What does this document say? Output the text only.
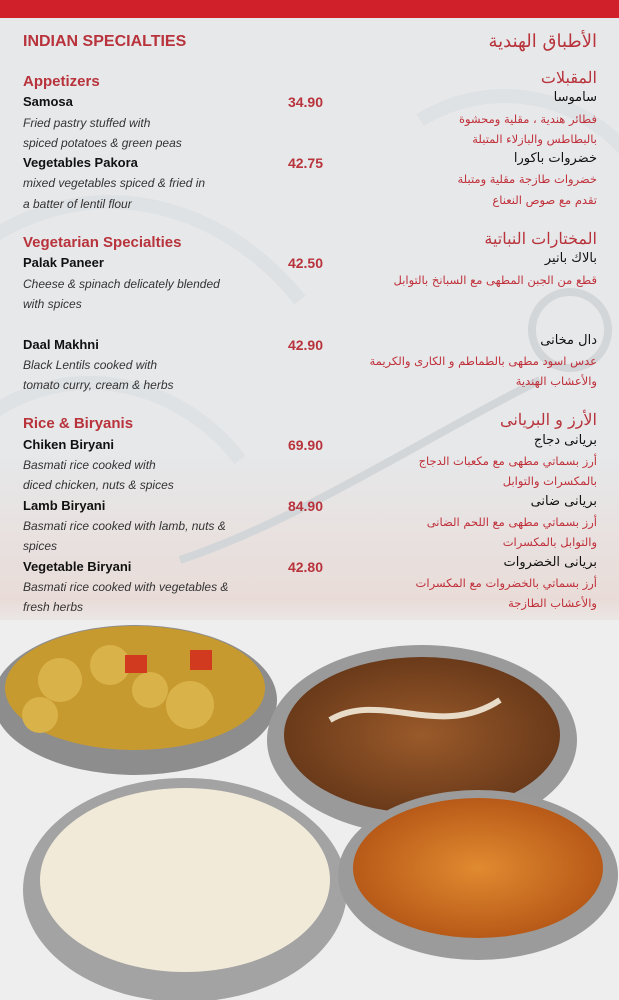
INDIAN SPECIALTIES
Appetizers
Samosa	34.90
Fried pastry stuffed with
spiced potatoes & green peas
Vegetables Pakora	42.75
mixed vegetables spiced & fried in
a batter of lentil flour
Vegetarian Specialties
Palak Paneer	42.50
Cheese & spinach delicately blended
with spices
Daal Makhni	42.90
Black Lentils cooked with
tomato curry, cream & herbs
Rice & Biryanis
Chiken Biryani	69.90
Basmati rice cooked with
diced chicken, nuts & spices
Lamb Biryani	84.90
Basmati rice cooked with lamb, nuts &
spices
Vegetable Biryani	42.80
Basmati rice cooked with vegetables &
fresh herbs
الأطباق الهندية
المقبلات
ساموسا
فطائر هندية ، مقلية ومحشوة
بالبطاطس والبازلاء المتبلة
خضروات باكورا
خضروات طازجة مقلية ومتبلة
تقدم مع صوص النعناع
المختارات النباتية
بالاك بانير
قطع من الجبن المطهى مع السبانخ بالتوابل
دال مخانى
عدس اسود مطهى بالطماطم و الكارى والكريمة
والأعشاب الهندية
الأرز و البريانى
بريانى دجاج
أرز بسماتي مطهى مع مكعبات الدجاج
بالمكسرات والتوابل
بريانى ضانى
أرز بسماتي مطهى مع اللحم الضانى
والتوابل بالمكسرات
بريانى الخضروات
أرز بسماتي بالخضروات مع المكسرات
والأعشاب الطازجة
